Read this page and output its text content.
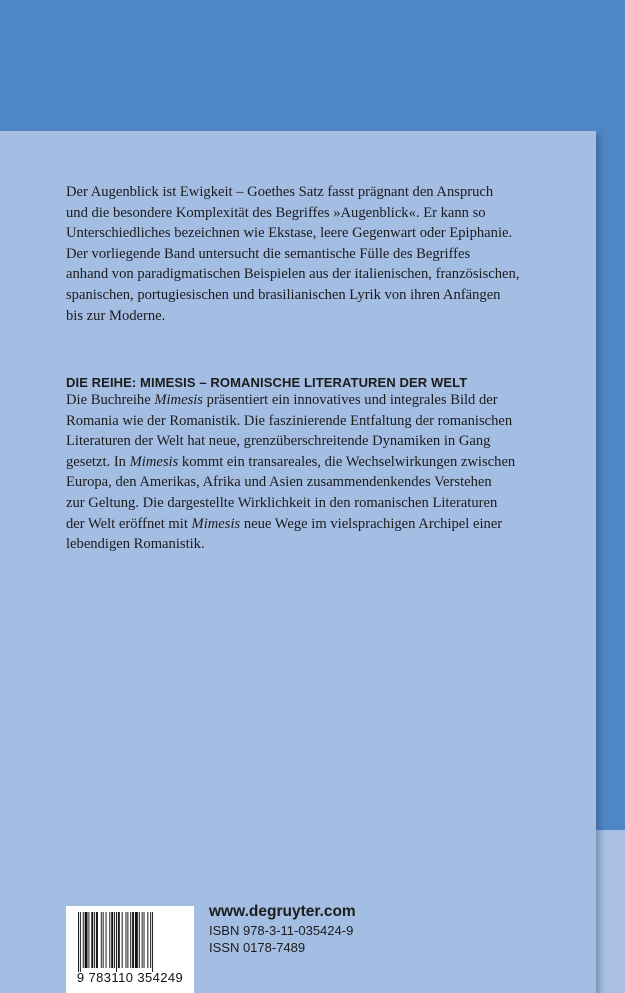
Der Augenblick ist Ewigkeit – Goethes Satz fasst prägnant den Anspruch
und die besondere Komplexität des Begriffes »Augenblick«. Er kann so
Unterschiedliches bezeichnen wie Ekstase, leere Gegenwart oder Epiphanie.
Der vorliegende Band untersucht die semantische Fülle des Begriffes
anhand von paradigmatischen Beispielen aus der italienischen, französischen,
spanischen, portugiesischen und brasilianischen Lyrik von ihren Anfängen
bis zur Moderne.

DIE REIHE: MIMESIS – ROMANISCHE LITERATUREN DER WELT

Die Buchreihe Mimesis präsentiert ein innovatives und integrales Bild der
Romania wie der Romanistik. Die faszinierende Entfaltung der romanischen
Literaturen der Welt hat neue, grenzüberschreitende Dynamiken in Gang
gesetzt. In Mimesis kommt ein transareales, die Wechselwirkungen zwischen
Europa, den Amerikas, Afrika und Asien zusammendenkendes Verstehen
zur Geltung. Die dargestellte Wirklichkeit in den romanischen Literaturen
der Welt eröffnet mit Mimesis neue Wege im vielsprachigen Archipel einer
lebendigen Romanistik.

9 783110 354249
www.degruyter.com
ISBN 978-3-11-035424-9
ISSN 0178-7489
